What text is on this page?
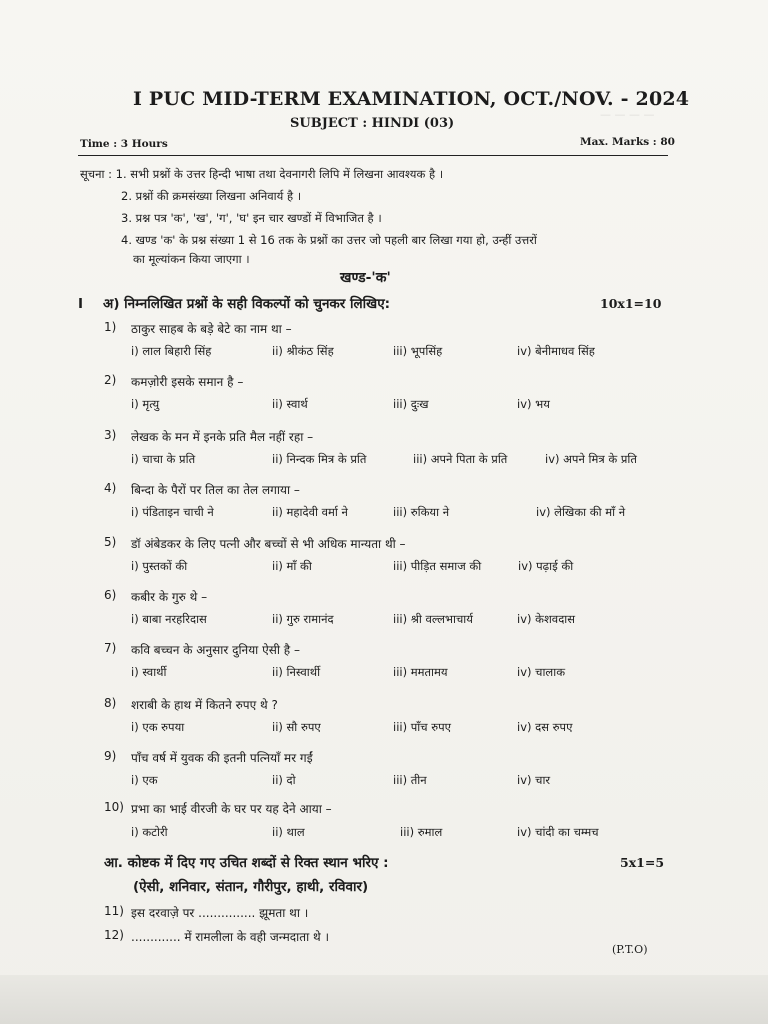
— — — —
I PUC MID-TERM EXAMINATION, OCT./NOV. - 2024
SUBJECT : HINDI (03)
Time : 3 Hours	Max. Marks : 80
सूचना : 1. सभी प्रश्नों के उत्तर हिन्दी भाषा तथा देवनागरी लिपि में लिखना आवश्यक है ।
2. प्रश्नों की क्रमसंख्या लिखना अनिवार्य है ।
3. प्रश्न पत्र 'क', 'ख', 'ग', 'घ' इन चार खण्डों में विभाजित है ।
4. खण्ड 'क' के प्रश्न संख्या 1 से 16 तक के प्रश्नों का उत्तर जो पहली बार लिखा गया हो, उन्हीं उत्तरों
का मूल्यांकन किया जाएगा ।
खण्ड-'क'
I अ) निम्नलिखित प्रश्नों के सही विकल्पों को चुनकर लिखिए:	10x1=10
1) ठाकुर साहब के बड़े बेटे का नाम था –
i) लाल बिहारी सिंह	ii) श्रीकंठ सिंह	iii) भूपसिंह	iv) बेनीमाधव सिंह
2) कमज़ोरी इसके समान है –
i) मृत्यु	ii) स्वार्थ	iii) दुःख	iv) भय
3) लेखक के मन में इनके प्रति मैल नहीं रहा –
i) चाचा के प्रति	ii) निन्दक मित्र के प्रति	iii) अपने पिता के प्रति	iv) अपने मित्र के प्रति
4) बिन्दा के पैरों पर तिल का तेल लगाया –
i) पंडिताइन चाची ने	ii) महादेवी वर्मा ने	iii) रुकिया ने	iv) लेखिका की माँ ने
5) डॉ अंबेडकर के लिए पत्नी और बच्चों से भी अधिक मान्यता थी –
i) पुस्तकों की	ii) माँ की	iii) पीड़ित समाज की	iv) पढ़ाई की
6) कबीर के गुरु थे –
i) बाबा नरहरिदास	ii) गुरु रामानंद	iii) श्री वल्लभाचार्य	iv) केशवदास
7) कवि बच्चन के अनुसार दुनिया ऐसी है –
i) स्वार्थी	ii) निस्वार्थी	iii) ममतामय	iv) चालाक
8) शराबी के हाथ में कितने रुपए थे ?
i) एक रुपया	ii) सौ रुपए	iii) पाँच रुपए	iv) दस रुपए
9) पाँच वर्ष में युवक की इतनी पत्नियाँ मर गईं
i) एक	ii) दो	iii) तीन	iv) चार
10) प्रभा का भाई वीरजी के घर पर यह देने आया –
i) कटोरी	ii) थाल	iii) रुमाल	iv) चांदी का चम्मच
आ. कोष्टक में दिए गए उचित शब्दों से रिक्त स्थान भरिए :	5x1=5
(ऐसी, शनिवार, संतान, गौरीपुर, हाथी, रविवार)
11) इस दरवाज़े पर ............... झूमता था ।
12) ............. में रामलीला के वही जन्मदाता थे ।
(P.T.O)
